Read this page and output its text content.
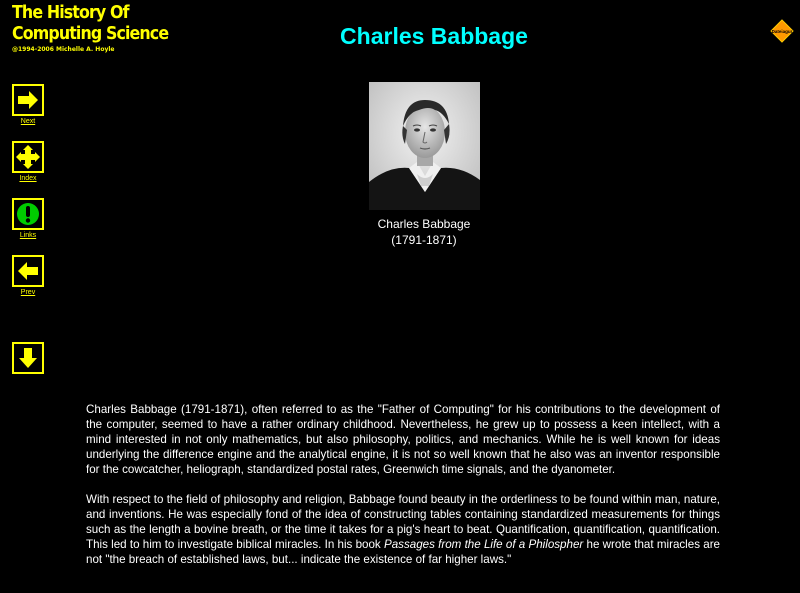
The History Of
Computing Science
@1994-2006 Michelle A. Hoyle
Charles Babbage	Dateiagur
Next
Index
Links
Prev
Charles Babbage
(1791-1871)

Charles Babbage (1791-1871), often referred to as the "Father of Computing" for his contributions to the development of the computer, seemed to have a rather ordinary childhood. Nevertheless, he grew up to possess a keen intellect, with a mind interested in not only mathematics, but also philosophy, politics, and mechanics. While he is well known for ideas underlying the difference engine and the analytical engine, it is not so well known that he also was an inventor responsible for the cowcatcher, heliograph, standardized postal rates, Greenwich time signals, and the dyanometer.

With respect to the field of philosophy and religion, Babbage found beauty in the orderliness to be found within man, nature, and inventions. He was especially fond of the idea of constructing tables containing standardized measurements for things such as the length a bovine breath, or the time it takes for a pig's heart to beat. Quantification, quantification, quantification. This led to him to investigate biblical miracles. In his book Passages from the Life of a Philospher he wrote that miracles are not "the breach of established laws, but... indicate the existence of far higher laws."
